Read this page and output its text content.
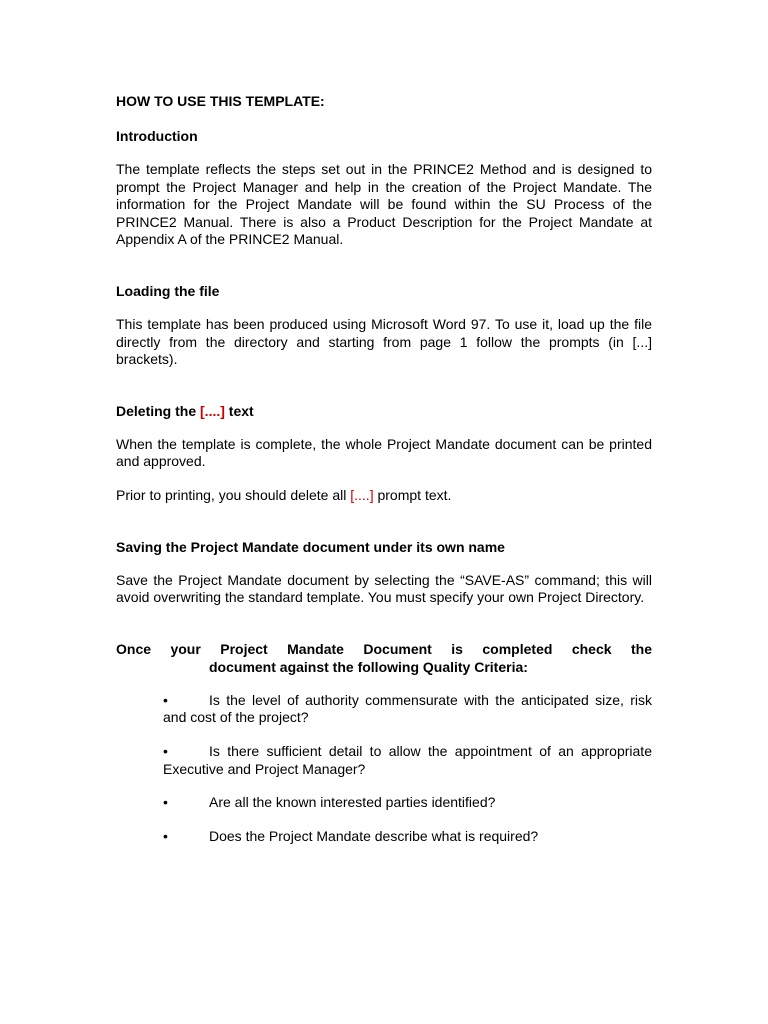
HOW TO USE THIS TEMPLATE:
Introduction
The template reflects the steps set out in the PRINCE2 Method and is designed to prompt the Project Manager and help in the creation of the Project Mandate. The information for the Project Mandate will be found within the SU Process of the PRINCE2 Manual. There is also a Product Description for the Project Mandate at Appendix A of the PRINCE2 Manual.
Loading the file
This template has been produced using Microsoft Word 97. To use it, load up the file directly from the directory and starting from page 1 follow the prompts (in [...] brackets).
Deleting the [....] text
When the template is complete, the whole Project Mandate document can be printed and approved.
Prior to printing, you should delete all [....] prompt text.
Saving the Project Mandate document under its own name
Save the Project Mandate document by selecting the “SAVE-AS” command; this will avoid overwriting the standard template. You must specify your own Project Directory.
Once your Project Mandate Document is completed check the
document against the following Quality Criteria:
•	Is the level of authority commensurate with the anticipated size, risk and cost of the project?
•	Is there sufficient detail to allow the appointment of an appropriate Executive and Project Manager?
•	Are all the known interested parties identified?
•	Does the Project Mandate describe what is required?
